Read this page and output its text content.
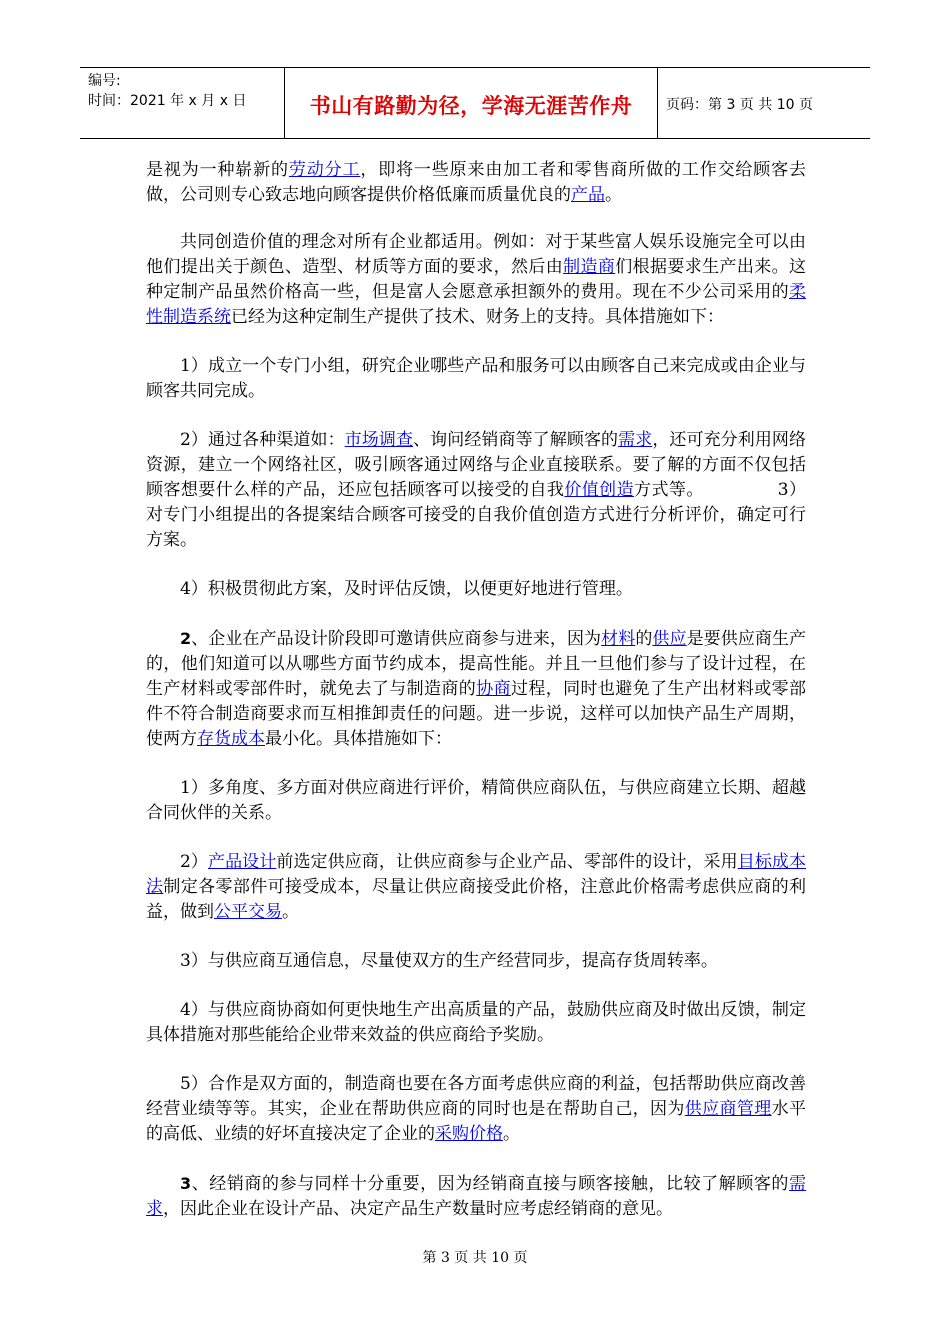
编号:
时间：2021 年 x 月 x 日	书山有路勤为径，学海无涯苦作舟	页码：第 3 页 共 10 页

是视为一种崭新的劳动分工，即将一些原来由加工者和零售商所做的工作交给顾客去做，公司则专心致志地向顾客提供价格低廉而质量优良的产品。

共同创造价值的理念对所有企业都适用。例如：对于某些富人娱乐设施完全可以由他们提出关于颜色、造型、材质等方面的要求，然后由制造商们根据要求生产出来。这种定制产品虽然价格高一些，但是富人会愿意承担额外的费用。现在不少公司采用的柔性制造系统已经为这种定制生产提供了技术、财务上的支持。具体措施如下：

1）成立一个专门小组，研究企业哪些产品和服务可以由顾客自己来完成或由企业与顾客共同完成。

2）通过各种渠道如：市场调查、询问经销商等了解顾客的需求，还可充分利用网络资源，建立一个网络社区，吸引顾客通过网络与企业直接联系。要了解的方面不仅包括顾客想要什么样的产品，还应包括顾客可以接受的自我价值创造方式等。	3）对专门小组提出的各提案结合顾客可接受的自我价值创造方式进行分析评价，确定可行方案。

4）积极贯彻此方案，及时评估反馈，以便更好地进行管理。

2、企业在产品设计阶段即可邀请供应商参与进来，因为材料的供应是要供应商生产的，他们知道可以从哪些方面节约成本，提高性能。并且一旦他们参与了设计过程，在生产材料或零部件时，就免去了与制造商的协商过程，同时也避免了生产出材料或零部件不符合制造商要求而互相推卸责任的问题。进一步说，这样可以加快产品生产周期，使两方存货成本最小化。具体措施如下：

1）多角度、多方面对供应商进行评价，精简供应商队伍，与供应商建立长期、超越合同伙伴的关系。

2）产品设计前选定供应商，让供应商参与企业产品、零部件的设计，采用目标成本法制定各零部件可接受成本，尽量让供应商接受此价格，注意此价格需考虑供应商的利益，做到公平交易。

3）与供应商互通信息，尽量使双方的生产经营同步，提高存货周转率。

4）与供应商协商如何更快地生产出高质量的产品，鼓励供应商及时做出反馈，制定具体措施对那些能给企业带来效益的供应商给予奖励。

5）合作是双方面的，制造商也要在各方面考虑供应商的利益，包括帮助供应商改善经营业绩等等。其实，企业在帮助供应商的同时也是在帮助自己，因为供应商管理水平的高低、业绩的好坏直接决定了企业的采购价格。

3、经销商的参与同样十分重要，因为经销商直接与顾客接触，比较了解顾客的需求，因此企业在设计产品、决定产品生产数量时应考虑经销商的意见。

第 3 页 共 10 页
